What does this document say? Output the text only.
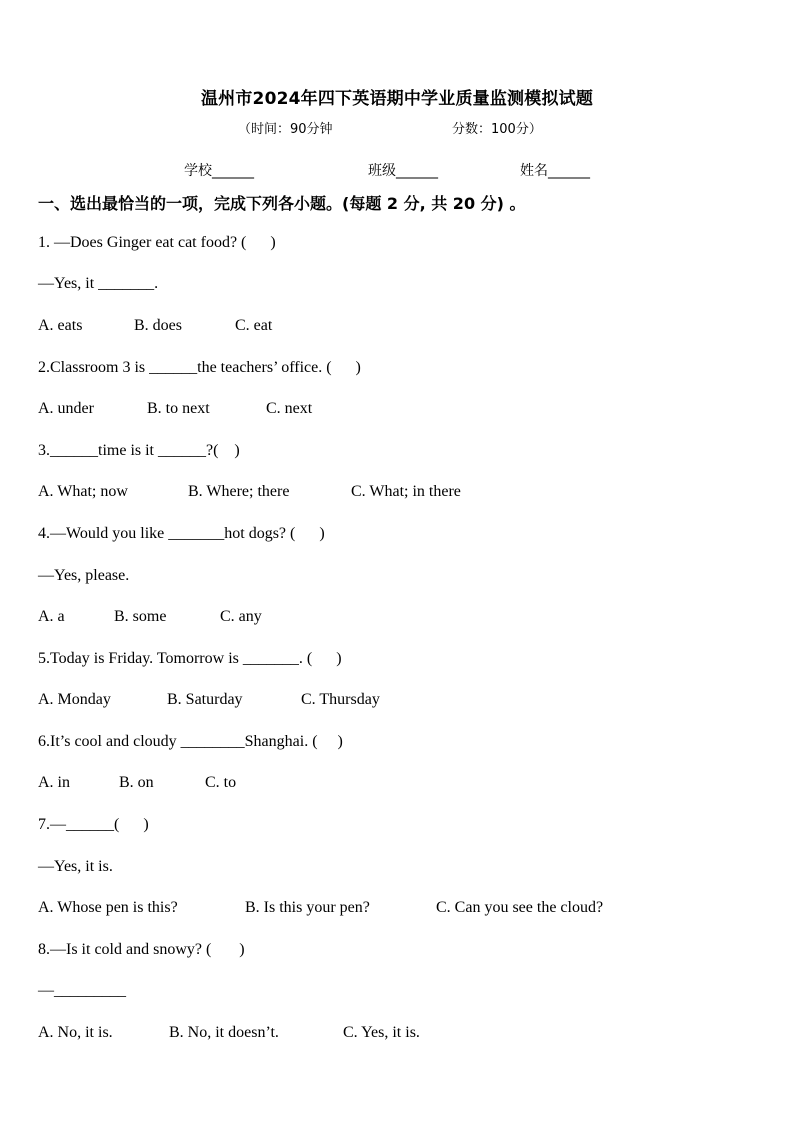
温州市2024年四下英语期中学业质量监测模拟试题
（时间：90分钟	分数：100分）
学校______	班级______	姓名______
一、选出最恰当的一项，完成下列各小题。(每题 2 分, 共 20 分) 。
1. —Does Ginger eat cat food? (      )
—Yes, it _______.
A. eats	B. does	C. eat
2.Classroom 3 is ______the teachers’ office. (      )
A. under	B. to next	C. next
3.______time is it ______?(    )
A. What; now	B. Where; there	C. What; in there
4.—Would you like _______hot dogs? (      )
—Yes, please.
A. a	B. some	C. any
5.Today is Friday. Tomorrow is _______. (      )
A. Monday	B. Saturday	C. Thursday
6.It’s cool and cloudy ________Shanghai. (     )
A. in	B. on	C. to
7.—______(      )
—Yes, it is.
A. Whose pen is this?	B. Is this your pen?	C. Can you see the cloud?
8.—Is it cold and snowy? (       )
—_________
A. No, it is.	B. No, it doesn’t.	C. Yes, it is.
